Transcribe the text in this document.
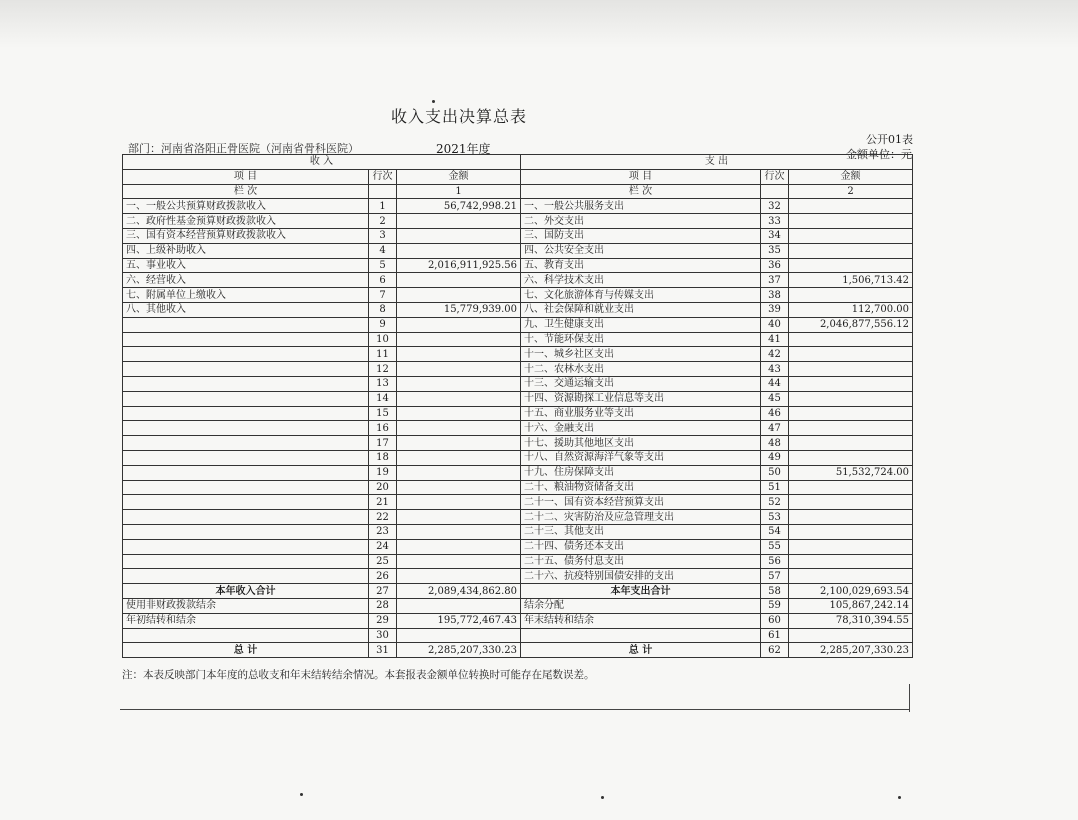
收入支出决算总表
部门：河南省洛阳正骨医院（河南省骨科医院）	2021年度
公开01表
金额单位：元
收 入			支 出		
项 目	行次	金额	项 目	行次	金额
栏 次		1	栏 次		2
一、一般公共预算财政拨款收入	1	56,742,998.21	一、一般公共服务支出	32	
二、政府性基金预算财政拨款收入	2		二、外交支出	33	
三、国有资本经营预算财政拨款收入	3		三、国防支出	34	
四、上级补助收入	4		四、公共安全支出	35	
五、事业收入	5	2,016,911,925.56	五、教育支出	36	
六、经营收入	6		六、科学技术支出	37	1,506,713.42
七、附属单位上缴收入	7		七、文化旅游体育与传媒支出	38	
八、其他收入	8	15,779,939.00	八、社会保障和就业支出	39	112,700.00
	9		九、卫生健康支出	40	2,046,877,556.12
	10		十、节能环保支出	41	
	11		十一、城乡社区支出	42	
	12		十二、农林水支出	43	
	13		十三、交通运输支出	44	
	14		十四、资源勘探工业信息等支出	45	
	15		十五、商业服务业等支出	46	
	16		十六、金融支出	47	
	17		十七、援助其他地区支出	48	
	18		十八、自然资源海洋气象等支出	49	
	19		十九、住房保障支出	50	51,532,724.00
	20		二十、粮油物资储备支出	51	
	21		二十一、国有资本经营预算支出	52	
	22		二十二、灾害防治及应急管理支出	53	
	23		二十三、其他支出	54	
	24		二十四、债务还本支出	55	
	25		二十五、债务付息支出	56	
	26		二十六、抗疫特别国债安排的支出	57	
本年收入合计	27	2,089,434,862.80	本年支出合计	58	2,100,029,693.54
使用非财政拨款结余	28		结余分配	59	105,867,242.14
年初结转和结余	29	195,772,467.43	年末结转和结余	60	78,310,394.55
	30			61	
总 计	31	2,285,207,330.23	总 计	62	2,285,207,330.23
注：本表反映部门本年度的总收支和年末结转结余情况。本套报表金额单位转换时可能存在尾数误差。
